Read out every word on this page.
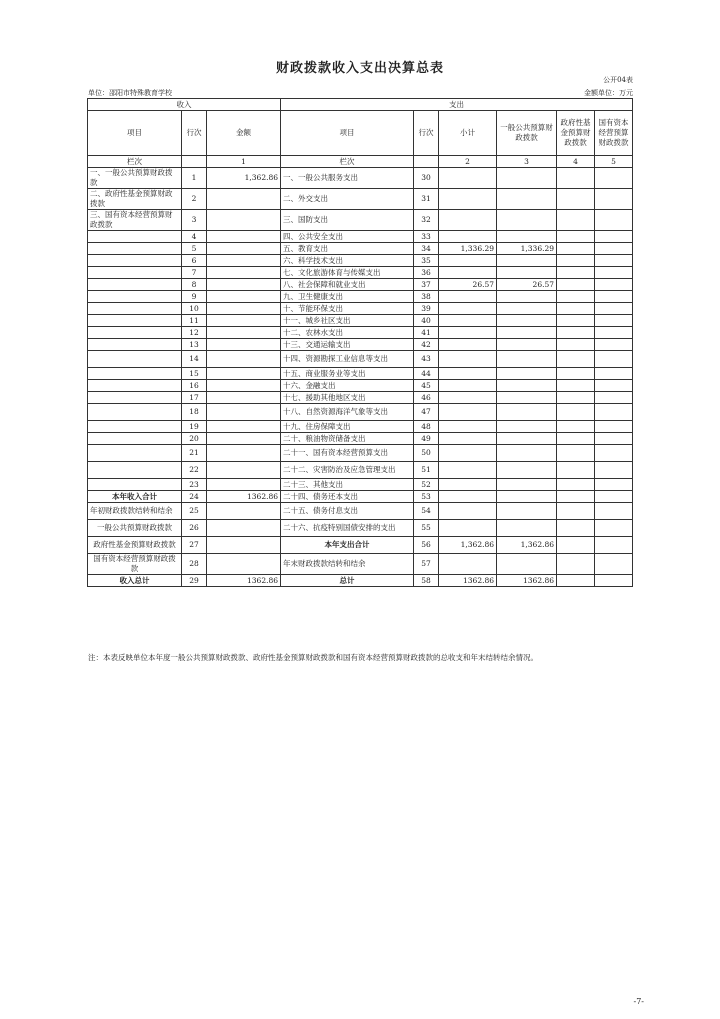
财政拨款收入支出决算总表
公开04表
单位：邵阳市特殊教育学校	金额单位：万元
收入			支出					
项目	行次	金额	项目	行次	小计	一般公共预算财政拨款	政府性基金预算财政拨款	国有资本经营预算财政拨款
栏次		1	栏次		2	3	4	5
一、一般公共预算财政拨款	1	1,362.86	一、一般公共服务支出	30				
二、政府性基金预算财政拨款	2		二、外交支出	31				
三、国有资本经营预算财政拨款	3		三、国防支出	32				
	4		四、公共安全支出	33				
	5		五、教育支出	34	1,336.29	1,336.29		
	6		六、科学技术支出	35				
	7		七、文化旅游体育与传媒支出	36				
	8		八、社会保障和就业支出	37	26.57	26.57		
	9		九、卫生健康支出	38				
	10		十、节能环保支出	39				
	11		十一、城乡社区支出	40				
	12		十二、农林水支出	41				
	13		十三、交通运输支出	42				
	14		十四、资源勘探工业信息等支出	43				
	15		十五、商业服务业等支出	44				
	16		十六、金融支出	45				
	17		十七、援助其他地区支出	46				
	18		十八、自然资源海洋气象等支出	47				
	19		十九、住房保障支出	48				
	20		二十、粮油物资储备支出	49				
	21		二十一、国有资本经营预算支出	50				
	22		二十二、灾害防治及应急管理支出	51				
	23		二十三、其他支出	52				
本年收入合计	24	1362.86	二十四、债务还本支出	53				
年初财政拨款结转和结余	25		二十五、债务付息支出	54				
一般公共预算财政拨款	26		二十六、抗疫特别国债安排的支出	55				
政府性基金预算财政拨款	27		本年支出合计	56	1,362.86	1,362.86		
国有资本经营预算财政拨款	28		年末财政拨款结转和结余	57				
收入总计	29	1362.86	总计	58	1362.86	1362.86		
注：本表反映单位本年度一般公共预算财政拨款、政府性基金预算财政拨款和国有资本经营预算财政拨款的总收支和年末结转结余情况。
-7-
